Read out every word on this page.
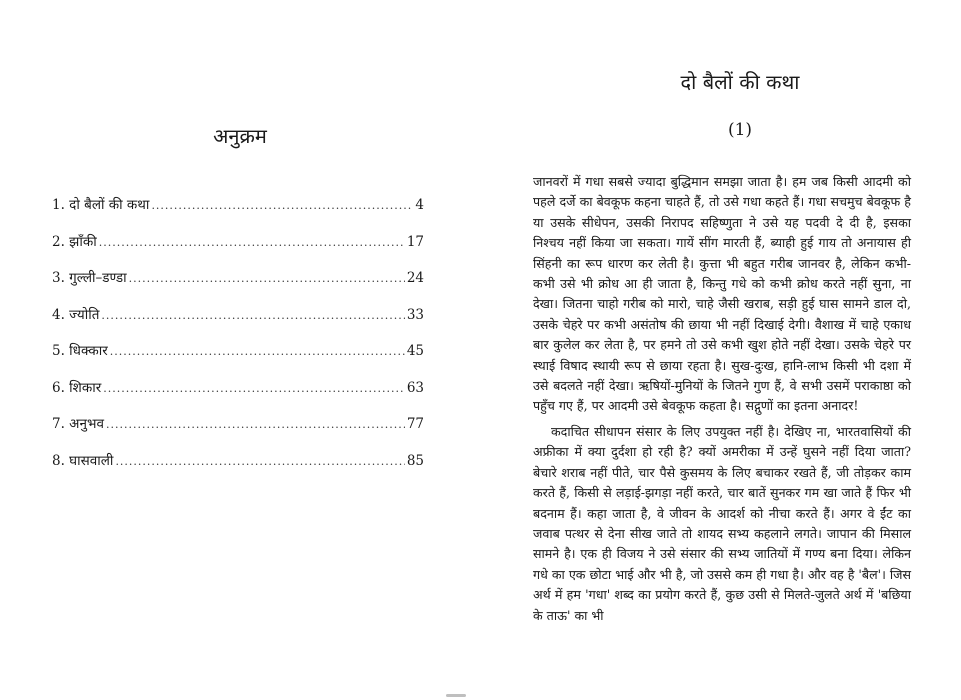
अनुक्रम
1. दो बैलों की कथा .....	4
2. झाँकी .....	17
3. गुल्ली–डण्डा .....	24
4. ज्योति .....	33
5. धिक्कार .....	45
6. शिकार .....	63
7. अनुभव .....	77
8. घासवाली .....	85
दो बैलों की कथा
(1)

जानवरों में गधा सबसे ज्यादा बुद्धिमान समझा जाता है। हम जब किसी आदमी को पहले दर्जे का बेवकूफ कहना चाहते हैं, तो उसे गधा कहते हैं। गधा सचमुच बेवकूफ है या उसके सीधेपन, उसकी निरापद सहिष्णुता ने उसे यह पदवी दे दी है, इसका निश्चय नहीं किया जा सकता। गायें सींग मारती हैं, ब्याही हुई गाय तो अनायास ही सिंहनी का रूप धारण कर लेती है। कुत्ता भी बहुत गरीब जानवर है, लेकिन कभी-कभी उसे भी क्रोध आ ही जाता है, किन्तु गधे को कभी क्रोध करते नहीं सुना, ना देखा। जितना चाहो गरीब को मारो, चाहे जैसी खराब, सड़ी हुई घास सामने डाल दो, उसके चेहरे पर कभी असंतोष की छाया भी नहीं दिखाई देगी। वैशाख में चाहे एकाध बार कुलेल कर लेता है, पर हमने तो उसे कभी खुश होते नहीं देखा। उसके चेहरे पर स्थाई विषाद स्थायी रूप से छाया रहता है। सुख-दुःख, हानि-लाभ किसी भी दशा में उसे बदलते नहीं देखा। ऋषियों-मुनियों के जितने गुण हैं, वे सभी उसमें पराकाष्ठा को पहुँच गए हैं, पर आदमी उसे बेवकूफ कहता है। सद्गुणों का इतना अनादर!

कदाचित सीधापन संसार के लिए उपयुक्त नहीं है। देखिए ना, भारतवासियों की अफ्रीका में क्या दुर्दशा हो रही है? क्यों अमरीका में उन्हें घुसने नहीं दिया जाता? बेचारे शराब नहीं पीते, चार पैसे कुसमय के लिए बचाकर रखते हैं, जी तोड़कर काम करते हैं, किसी से लड़ाई-झगड़ा नहीं करते, चार बातें सुनकर गम खा जाते हैं फिर भी बदनाम हैं। कहा जाता है, वे जीवन के आदर्श को नीचा करते हैं। अगर वे ईंट का जवाब पत्थर से देना सीख जाते तो शायद सभ्य कहलाने लगते। जापान की मिसाल सामने है। एक ही विजय ने उसे संसार की सभ्य जातियों में गण्य बना दिया। लेकिन गधे का एक छोटा भाई और भी है, जो उससे कम ही गधा है। और वह है 'बैल'। जिस अर्थ में हम 'गधा' शब्द का प्रयोग करते हैं, कुछ उसी से मिलते-जुलते अर्थ में 'बछिया के ताऊ' का भी
